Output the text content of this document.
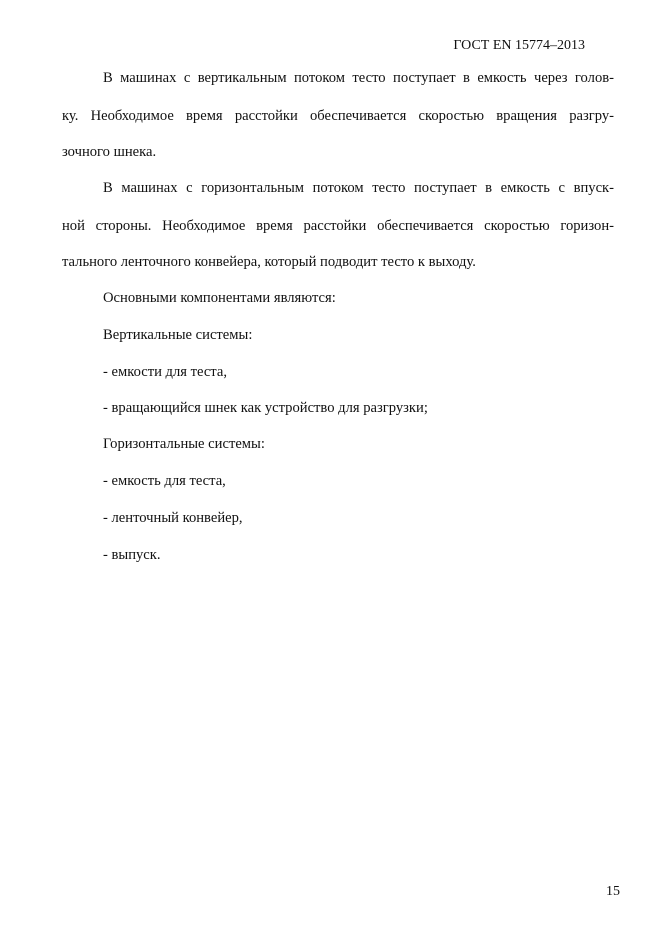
ГОСТ EN 15774–2013
В машинах с вертикальным потоком тесто поступает в емкость через голов-
ку. Необходимое время расстойки обеспечивается скоростью вращения разгру-
зочного шнека.
В машинах с горизонтальным потоком тесто поступает в емкость с впуск-
ной стороны. Необходимое время расстойки обеспечивается скоростью горизон-
тального ленточного конвейера, который подводит тесто к выходу.
Основными компонентами являются:
Вертикальные системы:
- емкости для теста,
- вращающийся шнек как устройство для разгрузки;
Горизонтальные системы:
- емкость для теста,
- ленточный конвейер,
- выпуск.
15
